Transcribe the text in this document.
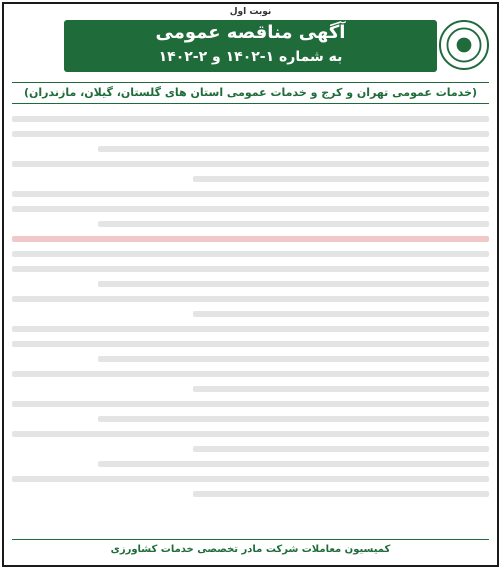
نوبت اول
آگهی مناقصه عمومی
به شماره ۱-۱۴۰۲ و ۲-۱۴۰۲
(خدمات عمومی تهران و کرج و خدمات عمومی استان های گلستان، گیلان، مازندران)
کمیسیون معاملات شرکت مادر تخصصی خدمات کشاورزی
